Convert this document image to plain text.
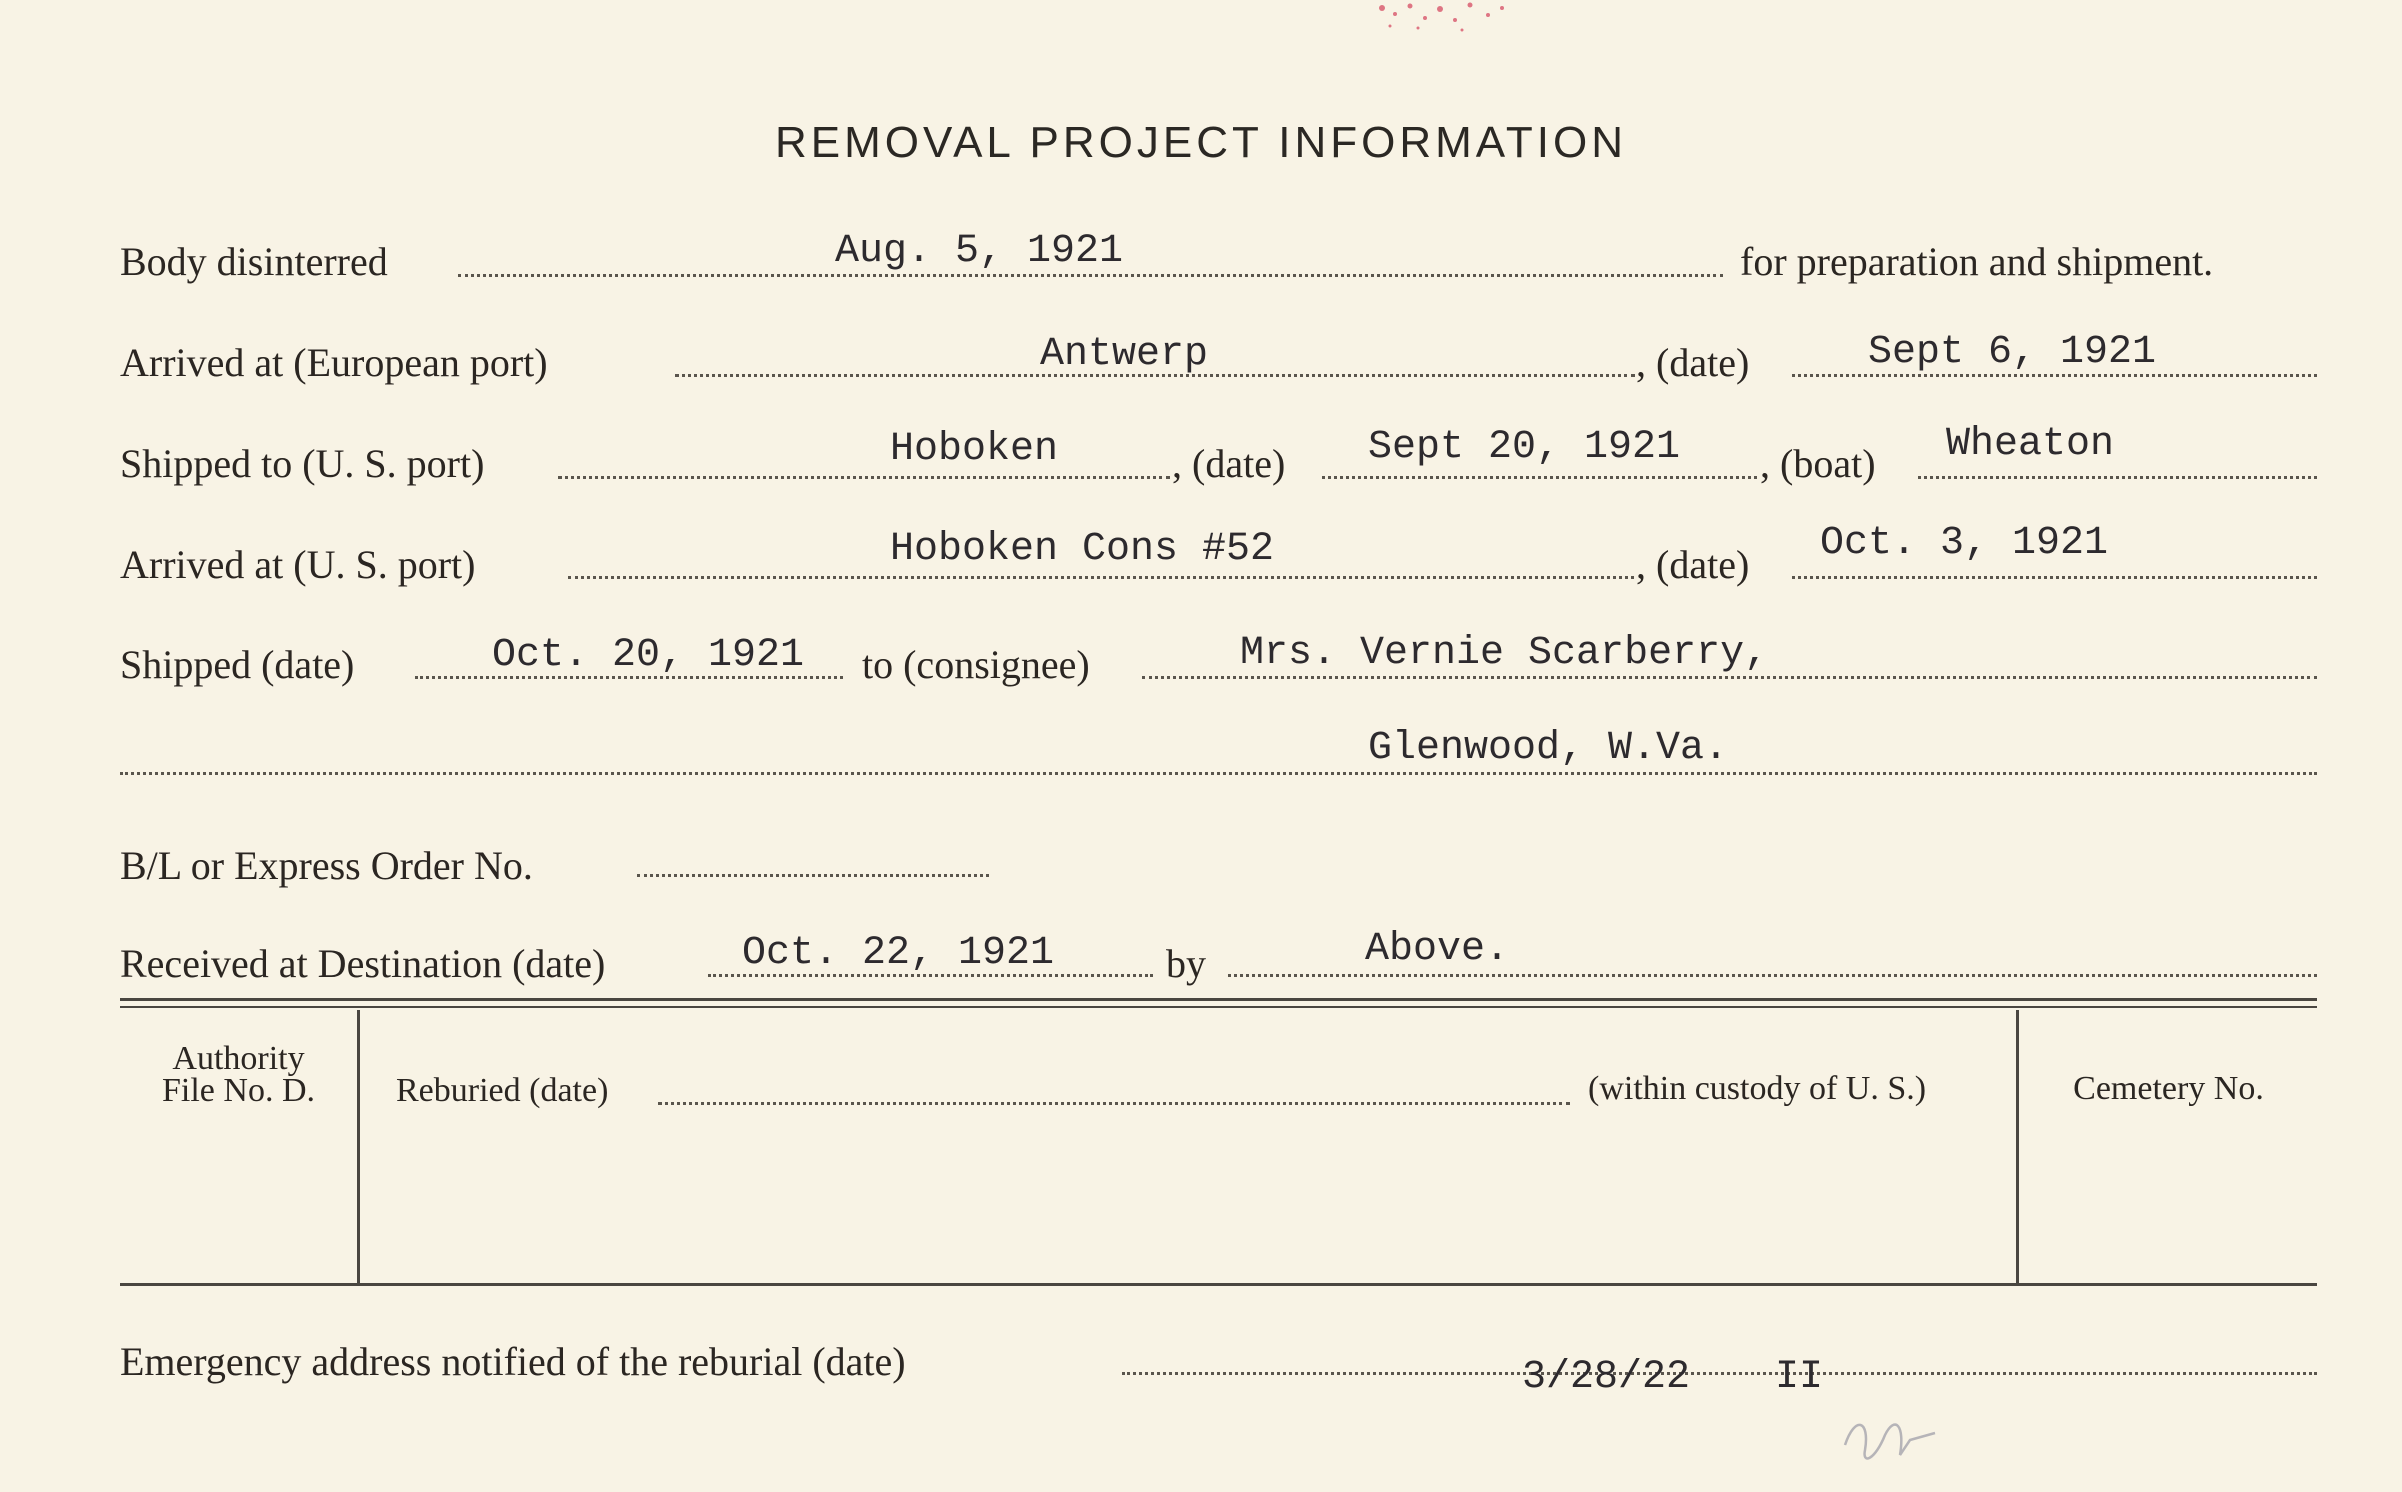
REMOVAL PROJECT INFORMATION
Body disinterred	Aug. 5, 1921	for preparation and shipment.
Arrived at (European port)	Antwerp	, (date)	Sept 6, 1921
Shipped to (U. S. port)	Hoboken	, (date) Sept 20, 1921 , (boat) Wheaton
Arrived at (U. S. port)	Hoboken Cons #52	, (date) Oct. 3, 1921
Shipped (date)	Oct. 20, 1921 to (consignee)	Mrs. Vernie Scarberry,
Glenwood, W.Va.
B/L or Express Order No.
Received at Destination (date)	Oct. 22, 1921	by	Above.
Authority
File No. D.	Reburied (date)	(within custody of U. S.)	Cemetery No.
Emergency address notified of the reburial (date)	3/28/22 II
